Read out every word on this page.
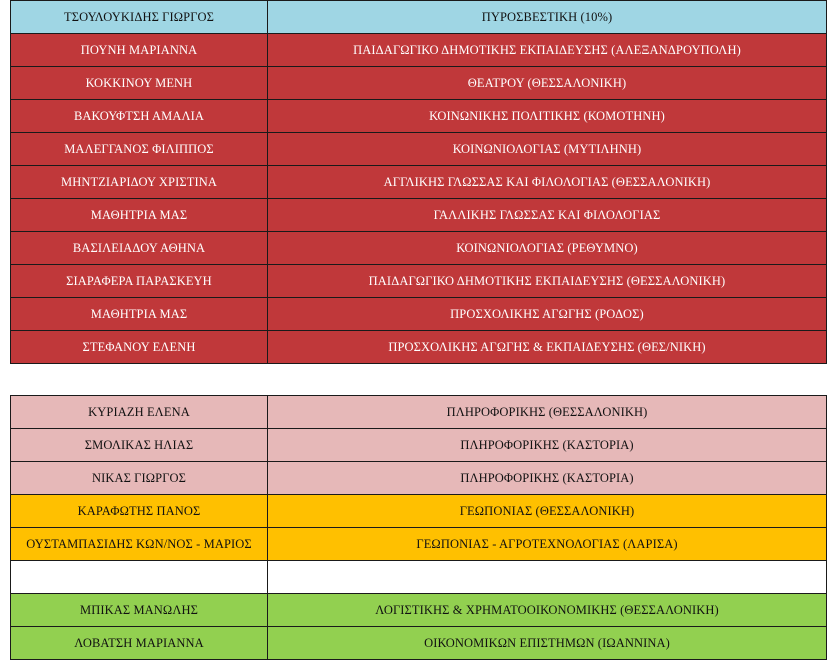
ΤΣΟΥΛΟΥΚΙΔΗΣ ΓΙΩΡΓΟΣ	ΠΥΡΟΣΒΕΣΤΙΚΗ (10%)
ΠΟΥΝΗ ΜΑΡΙΑΝΝΑ	ΠΑΙΔΑΓΩΓΙΚΟ ΔΗΜΟΤΙΚΗΣ ΕΚΠΑΙΔΕΥΣΗΣ (ΑΛΕΞΑΝΔΡΟΥΠΟΛΗ)
ΚΟΚΚΙΝΟΥ ΜΕΝΗ	ΘΕΑΤΡΟΥ (ΘΕΣΣΑΛΟΝΙΚΗ)
ΒΑΚΟΥΦΤΣΗ ΑΜΑΛΙΑ	ΚΟΙΝΩΝΙΚΗΣ ΠΟΛΙΤΙΚΗΣ (ΚΟΜΟΤΗΝΗ)
ΜΑΛΕΓΓΑΝΟΣ ΦΙΛΙΠΠΟΣ	ΚΟΙΝΩΝΙΟΛΟΓΙΑΣ (ΜΥΤΙΛΗΝΗ)
ΜΗΝΤΖΙΑΡΙΔΟΥ ΧΡΙΣΤΙΝΑ	ΑΓΓΛΙΚΗΣ ΓΛΩΣΣΑΣ ΚΑΙ ΦΙΛΟΛΟΓΙΑΣ (ΘΕΣΣΑΛΟΝΙΚΗ)
ΜΑΘΗΤΡΙΑ ΜΑΣ	ΓΑΛΛΙΚΗΣ ΓΛΩΣΣΑΣ ΚΑΙ ΦΙΛΟΛΟΓΙΑΣ
ΒΑΣΙΛΕΙΑΔΟΥ ΑΘΗΝΑ	ΚΟΙΝΩΝΙΟΛΟΓΙΑΣ (ΡΕΘΥΜΝΟ)
ΣΙΑΡΑΦΕΡΑ ΠΑΡΑΣΚΕΥΗ	ΠΑΙΔΑΓΩΓΙΚΟ ΔΗΜΟΤΙΚΗΣ ΕΚΠΑΙΔΕΥΣΗΣ (ΘΕΣΣΑΛΟΝΙΚΗ)
ΜΑΘΗΤΡΙΑ ΜΑΣ	ΠΡΟΣΧΟΛΙΚΗΣ ΑΓΩΓΗΣ (ΡΟΔΟΣ)
ΣΤΕΦΑΝΟΥ ΕΛΕΝΗ	ΠΡΟΣΧΟΛΙΚΗΣ ΑΓΩΓΗΣ & ΕΚΠΑΙΔΕΥΣΗΣ (ΘΕΣ/ΝΙΚΗ)
ΚΥΡΙΑΖΗ ΕΛΕΝΑ	ΠΛΗΡΟΦΟΡΙΚΗΣ (ΘΕΣΣΑΛΟΝΙΚΗ)
ΣΜΟΛΙΚΑΣ ΗΛΙΑΣ	ΠΛΗΡΟΦΟΡΙΚΗΣ (ΚΑΣΤΟΡΙΑ)
ΝΙΚΑΣ ΓΙΩΡΓΟΣ	ΠΛΗΡΟΦΟΡΙΚΗΣ (ΚΑΣΤΟΡΙΑ)
ΚΑΡΑΦΩΤΗΣ ΠΑΝΟΣ	ΓΕΩΠΟΝΙΑΣ (ΘΕΣΣΑΛΟΝΙΚΗ)
ΟΥΣΤΑΜΠΑΣΙΔΗΣ ΚΩΝ/ΝΟΣ - ΜΑΡΙΟΣ	ΓΕΩΠΟΝΙΑΣ - ΑΓΡΟΤΕΧΝΟΛΟΓΙΑΣ (ΛΑΡΙΣΑ)

ΜΠΙΚΑΣ ΜΑΝΩΛΗΣ	ΛΟΓΙΣΤΙΚΗΣ & ΧΡΗΜΑΤΟΟΙΚΟΝΟΜΙΚΗΣ (ΘΕΣΣΑΛΟΝΙΚΗ)
ΛΟΒΑΤΣΗ ΜΑΡΙΑΝΝΑ	ΟΙΚΟΝΟΜΙΚΩΝ ΕΠΙΣΤΗΜΩΝ (ΙΩΑΝΝΙΝΑ)
